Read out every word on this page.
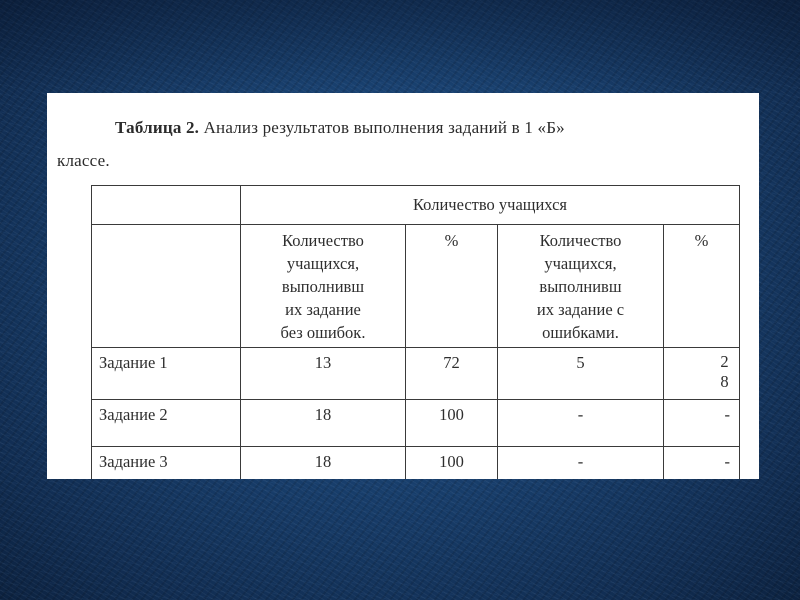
Таблица 2. Анализ результатов выполнения заданий в 1 «Б»
классе.
	Количество учащихся			
	Количество
учащихся,
выполнивш
их задание
без ошибок.	%	Количество
учащихся,
выполнивш
их задание с
ошибками.	%
Задание 1	13	72	5	28
Задание 2	18	100	-	-
Задание 3	18	100	-	-
